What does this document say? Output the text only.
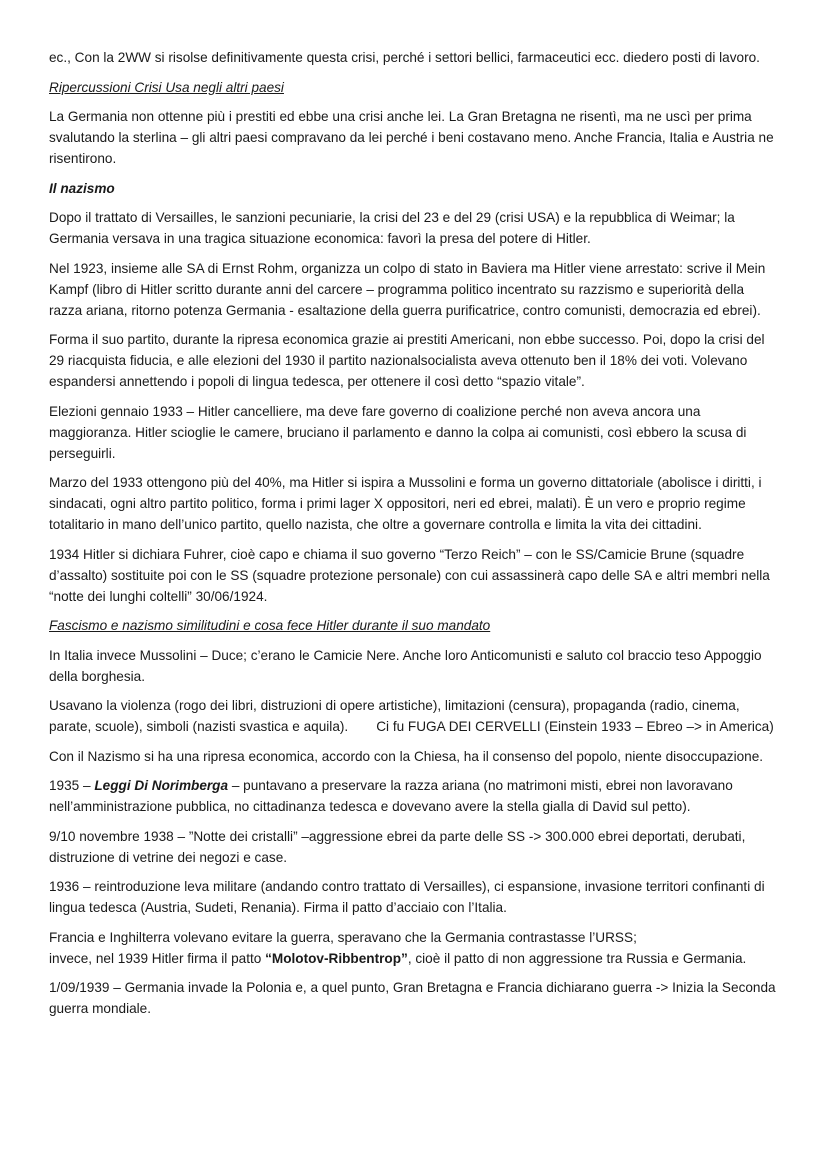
ec., Con la 2WW si risolse definitivamente questa crisi, perché i settori bellici, farmaceutici ecc. diedero posti di lavoro.

Ripercussioni Crisi Usa negli altri paesi

La Germania non ottenne più i prestiti ed ebbe una crisi anche lei. La Gran Bretagna ne risentì, ma ne uscì per prima svalutando la sterlina – gli altri paesi compravano da lei perché i beni costavano meno. Anche Francia, Italia e Austria ne risentirono.

Il nazismo

Dopo il trattato di Versailles, le sanzioni pecuniarie, la crisi del 23 e del 29 (crisi USA) e la repubblica di Weimar; la Germania versava in una tragica situazione economica: favorì la presa del potere di Hitler.

Nel 1923, insieme alle SA di Ernst Rohm, organizza un colpo di stato in Baviera ma Hitler viene arrestato: scrive il Mein Kampf (libro di Hitler scritto durante anni del carcere – programma politico incentrato su razzismo e superiorità della razza ariana, ritorno potenza Germania - esaltazione della guerra purificatrice, contro comunisti, democrazia ed ebrei).

Forma il suo partito, durante la ripresa economica grazie ai prestiti Americani, non ebbe successo. Poi, dopo la crisi del 29 riacquista fiducia, e alle elezioni del 1930 il partito nazionalsocialista aveva ottenuto ben il 18% dei voti. Volevano espandersi annettendo i popoli di lingua tedesca, per ottenere il così detto “spazio vitale”.

Elezioni gennaio 1933 – Hitler cancelliere, ma deve fare governo di coalizione perché non aveva ancora una maggioranza. Hitler scioglie le camere, bruciano il parlamento e danno la colpa ai comunisti, così ebbero la scusa di perseguirli.

Marzo del 1933 ottengono più del 40%, ma Hitler si ispira a Mussolini e forma un governo dittatoriale (abolisce i diritti, i sindacati, ogni altro partito politico, forma i primi lager X oppositori, neri ed ebrei, malati). È un vero e proprio regime totalitario in mano dell’unico partito, quello nazista, che oltre a governare controlla e limita la vita dei cittadini.

1934 Hitler si dichiara Fuhrer, cioè capo e chiama il suo governo “Terzo Reich” – con le SS/Camicie Brune (squadre d’assalto) sostituite poi con le SS (squadre protezione personale) con cui assassinerà capo delle SA e altri membri nella “notte dei lunghi coltelli” 30/06/1924.

Fascismo e nazismo similitudini e cosa fece Hitler durante il suo mandato

In Italia invece Mussolini – Duce; c’erano le Camicie Nere. Anche loro Anticomunisti e saluto col braccio teso Appoggio della borghesia.

Usavano la violenza (rogo dei libri, distruzioni di opere artistiche), limitazioni (censura), propaganda (radio, cinema, parate, scuole), simboli (nazisti svastica e aquila). Ci fu FUGA DEI CERVELLI (Einstein 1933 – Ebreo –> in America)

Con il Nazismo si ha una ripresa economica, accordo con la Chiesa, ha il consenso del popolo, niente disoccupazione.

1935 – Leggi Di Norimberga – puntavano a preservare la razza ariana (no matrimoni misti, ebrei non lavoravano nell’amministrazione pubblica, no cittadinanza tedesca e dovevano avere la stella gialla di David sul petto).

9/10 novembre 1938 – ”Notte dei cristalli” –aggressione ebrei da parte delle SS -> 300.000 ebrei deportati, derubati, distruzione di vetrine dei negozi e case.

1936 – reintroduzione leva militare (andando contro trattato di Versailles), ci espansione, invasione territori confinanti di lingua tedesca (Austria, Sudeti, Renania). Firma il patto d’acciaio con l’Italia.

Francia e Inghilterra volevano evitare la guerra, speravano che la Germania contrastasse l’URSS;
invece, nel 1939 Hitler firma il patto “Molotov-Ribbentrop”, cioè il patto di non aggressione tra Russia e Germania.

1/09/1939 – Germania invade la Polonia e, a quel punto, Gran Bretagna e Francia dichiarano guerra -> Inizia la Seconda guerra mondiale.
